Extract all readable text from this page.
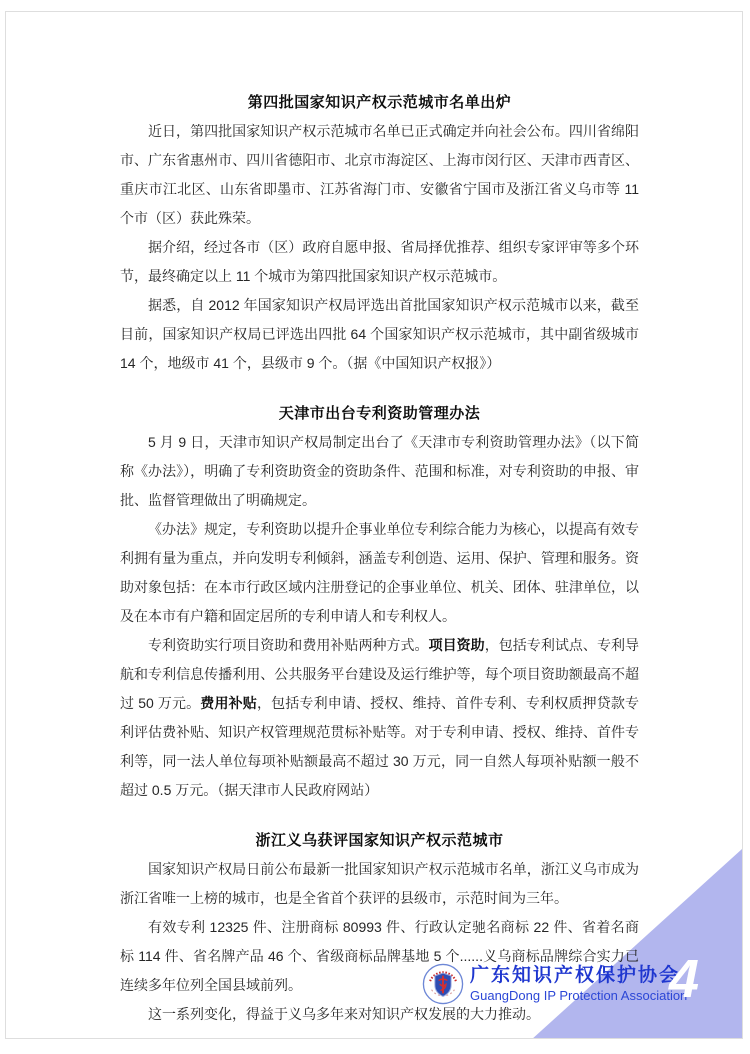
第四批国家知识产权示范城市名单出炉

近日，第四批国家知识产权示范城市名单已正式确定并向社会公布。四川省绵阳市、广东省惠州市、四川省德阳市、北京市海淀区、上海市闵行区、天津市西青区、重庆市江北区、山东省即墨市、江苏省海门市、安徽省宁国市及浙江省义乌市等 11 个市（区）获此殊荣。

据介绍，经过各市（区）政府自愿申报、省局择优推荐、组织专家评审等多个环节，最终确定以上 11 个城市为第四批国家知识产权示范城市。

据悉，自 2012 年国家知识产权局评选出首批国家知识产权示范城市以来，截至目前，国家知识产权局已评选出四批 64 个国家知识产权示范城市，其中副省级城市 14 个，地级市 41 个，县级市 9 个。（据《中国知识产权报》）

天津市出台专利资助管理办法

5 月 9 日，天津市知识产权局制定出台了《天津市专利资助管理办法》（以下简称《办法》），明确了专利资助资金的资助条件、范围和标准，对专利资助的申报、审批、监督管理做出了明确规定。

《办法》规定，专利资助以提升企事业单位专利综合能力为核心，以提高有效专利拥有量为重点，并向发明专利倾斜，涵盖专利创造、运用、保护、管理和服务。资助对象包括：在本市行政区域内注册登记的企事业单位、机关、团体、驻津单位，以及在本市有户籍和固定居所的专利申请人和专利权人。

专利资助实行项目资助和费用补贴两种方式。项目资助，包括专利试点、专利导航和专利信息传播利用、公共服务平台建设及运行维护等，每个项目资助额最高不超过 50 万元。费用补贴，包括专利申请、授权、维持、首件专利、专利权质押贷款专利评估费补贴、知识产权管理规范贯标补贴等。对于专利申请、授权、维持、首件专利等，同一法人单位每项补贴额最高不超过 30 万元，同一自然人每项补贴额一般不超过 0.5 万元。（据天津市人民政府网站）

浙江义乌获评国家知识产权示范城市

国家知识产权局日前公布最新一批国家知识产权示范城市名单，浙江义乌市成为浙江省唯一上榜的城市，也是全省首个获评的县级市，示范时间为三年。

有效专利 12325 件、注册商标 80993 件、行政认定驰名商标 22 件、省着名商标 114 件、省名牌产品 46 个、省级商标品牌基地 5 个......义乌商标品牌综合实力已连续多年位列全国县域前列。

这一系列变化，得益于义乌多年来对知识产权发展的大力推动。

广东知识产权保护协会
GuangDong IP Protection Association
4
